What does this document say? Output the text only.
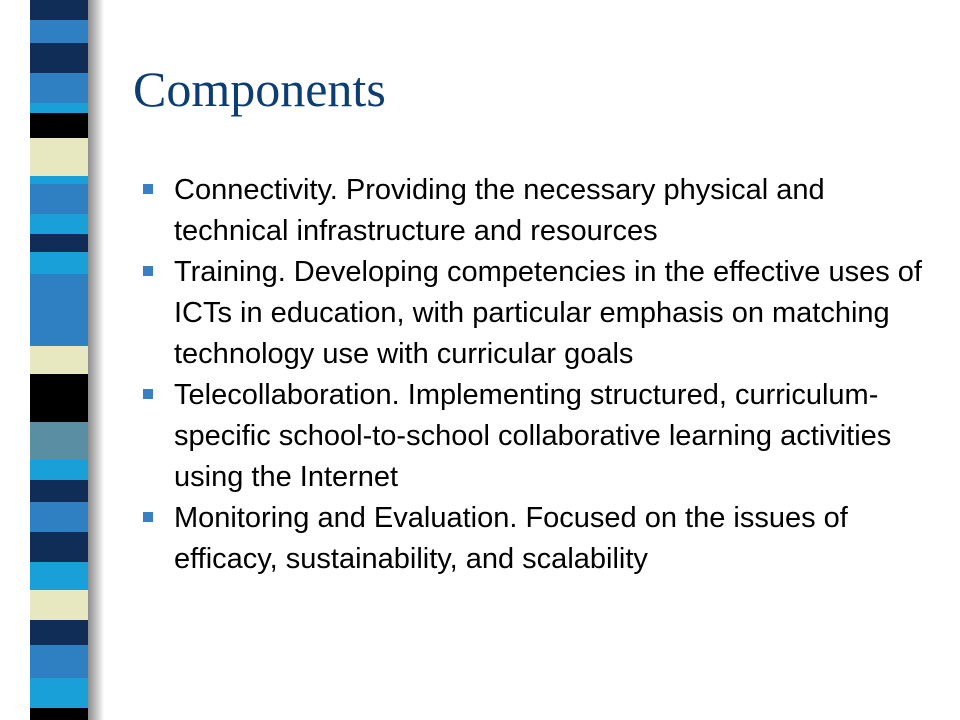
Components
Connectivity. Providing the necessary physical and technical infrastructure and resources
Training. Developing competencies in the effective uses of ICTs in education, with particular emphasis on matching technology use with curricular goals
Telecollaboration. Implementing structured, curriculum-specific school-to-school collaborative learning activities using the Internet
Monitoring and Evaluation. Focused on the issues of efficacy, sustainability, and scalability
